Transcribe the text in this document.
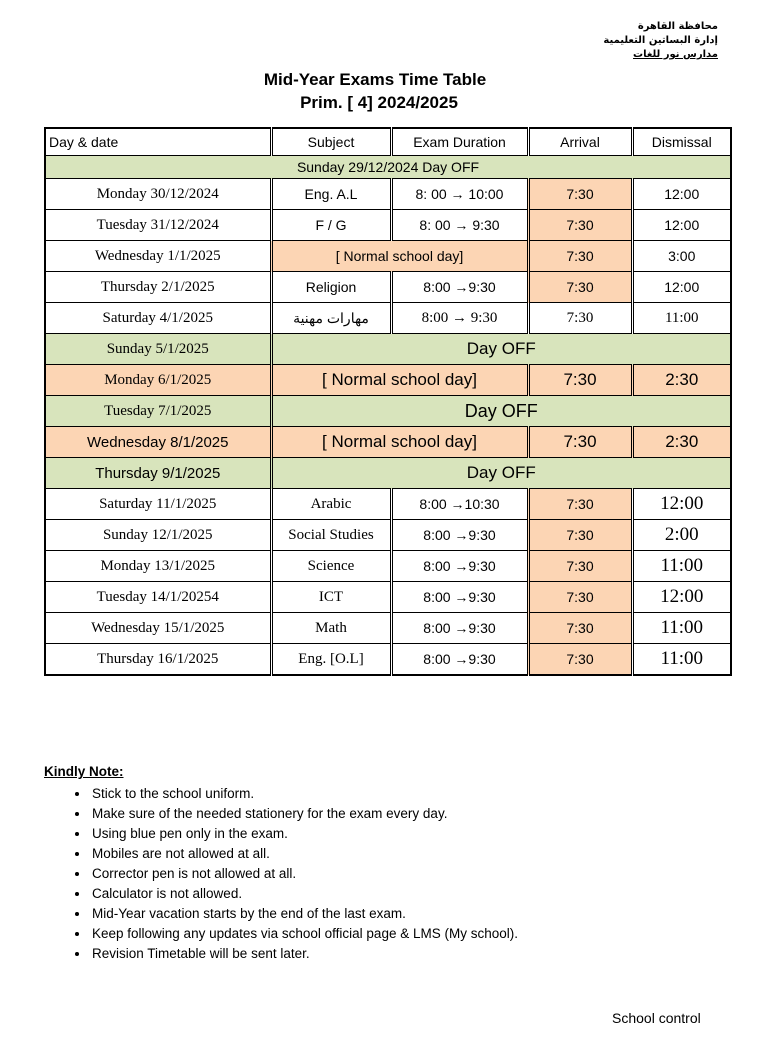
محافظة القاهرة
إدارة البساتين التعليمية
مدارس نور للغات
Mid-Year Exams Time Table
Prim. [ 4] 2024/2025
Day & date	Subject	Exam Duration	Arrival	Dismissal
Sunday 29/12/2024 Day OFF				
Monday 30/12/2024	Eng. A.L	8: 00 → 10:00	7:30	12:00
Tuesday 31/12/2024	F / G	8: 00 → 9:30	7:30	12:00
Wednesday 1/1/2025	[ Normal school day]		7:30	3:00
Thursday 2/1/2025	Religion	8:00 →9:30	7:30	12:00
Saturday 4/1/2025	مهارات مهنية	8:00 → 9:30	7:30	11:00
Sunday 5/1/2025	Day OFF			
Monday 6/1/2025	[ Normal school day]		7:30	2:30
Tuesday 7/1/2025	Day OFF			
Wednesday 8/1/2025	[ Normal school day]		7:30	2:30
Thursday 9/1/2025	Day OFF			
Saturday 11/1/2025	Arabic	8:00 →10:30	7:30	12:00
Sunday 12/1/2025	Social Studies	8:00 →9:30	7:30	2:00
Monday 13/1/2025	Science	8:00 →9:30	7:30	11:00
Tuesday 14/1/20254	ICT	8:00 →9:30	7:30	12:00
Wednesday 15/1/2025	Math	8:00 →9:30	7:30	11:00
Thursday 16/1/2025	Eng. [O.L]	8:00 →9:30	7:30	11:00
Kindly Note:
• Stick to the school uniform.
• Make sure of the needed stationery for the exam every day.
• Using blue pen only in the exam.
• Mobiles are not allowed at all.
• Corrector pen is not allowed at all.
• Calculator is not allowed.
• Mid-Year vacation starts by the end of the last exam.
• Keep following any updates via school official page & LMS (My school).
• Revision Timetable will be sent later.
School control
